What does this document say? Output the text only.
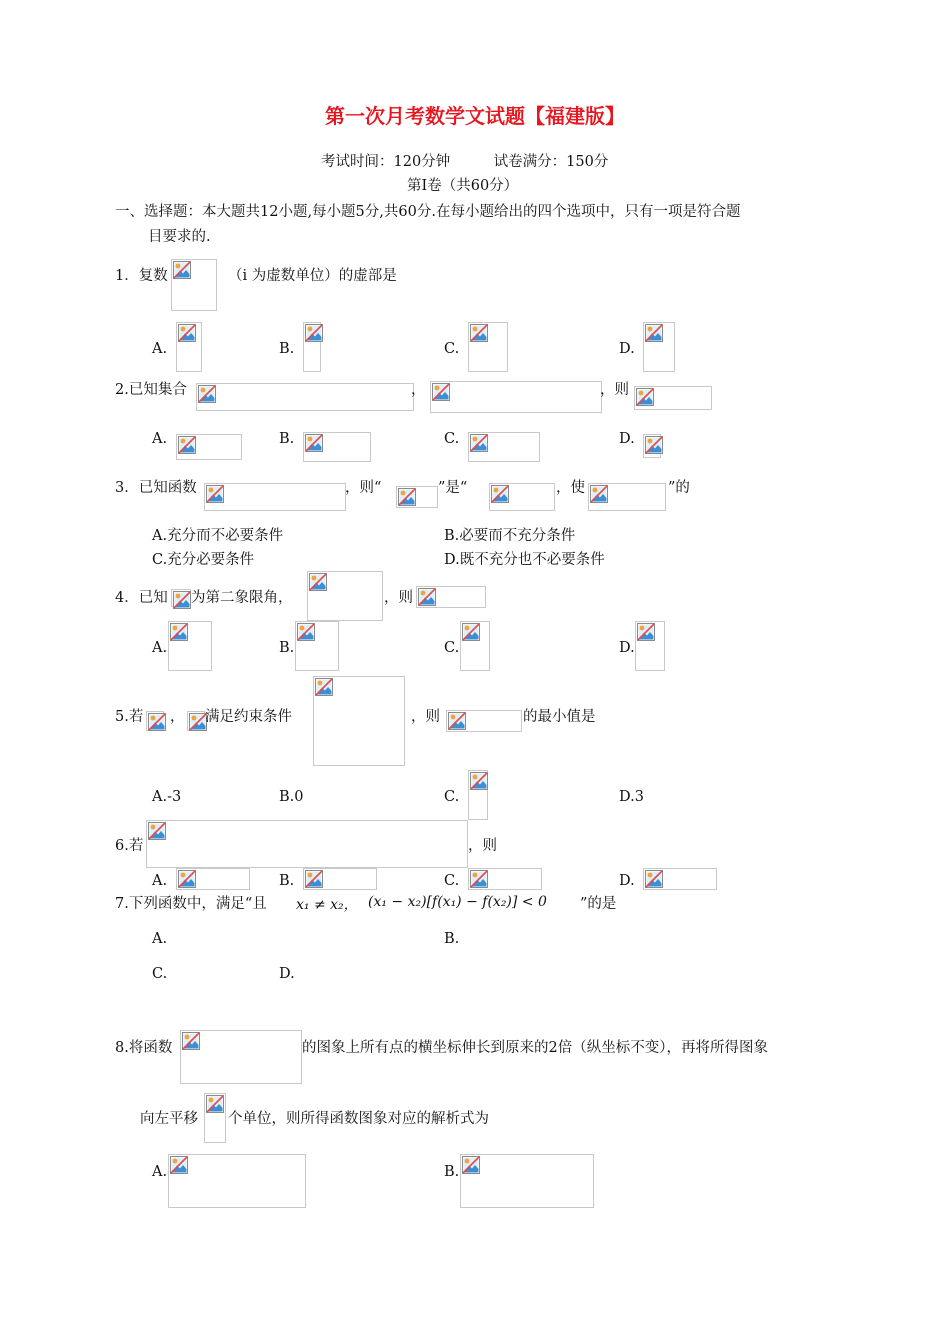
第一次月考数学文试题【福建版】
考试时间：120分钟　　　试卷满分：150分
第Ⅰ卷（共60分）
一、选择题：本大题共12小题,每小题5分,共60分.在每小题给出的四个选项中，只有一项是符合题
目要求的.
1．复数	（i 为虚数单位）的虚部是
A.	B.	C.	D.
2.已知集合	，	，则
A.	B.	C.	D.
3．已知函数	，则“	”是“	，使	”的
A.充分而不必要条件	B.必要而不充分条件
C.充分必要条件	D.既不充分也不必要条件
4．已知 为第二象限角，	，则
A.	B.	C.	D.
5.若 ， 满足约束条件	，则	的最小值是
A.-3	B.0	C.	D.3
6.若	，则
A.	B.	C.	D.
7.下列函数中，满足“且 x₁ ≠ x₂， (x₁ − x₂)[f(x₁) − f(x₂)] < 0 ”的是
A.	B.
C.	D.
8.将函数	的图象上所有点的横坐标伸长到原来的2倍（纵坐标不变），再将所得图象
向左平移 个单位，则所得函数图象对应的解析式为
A.	B.
